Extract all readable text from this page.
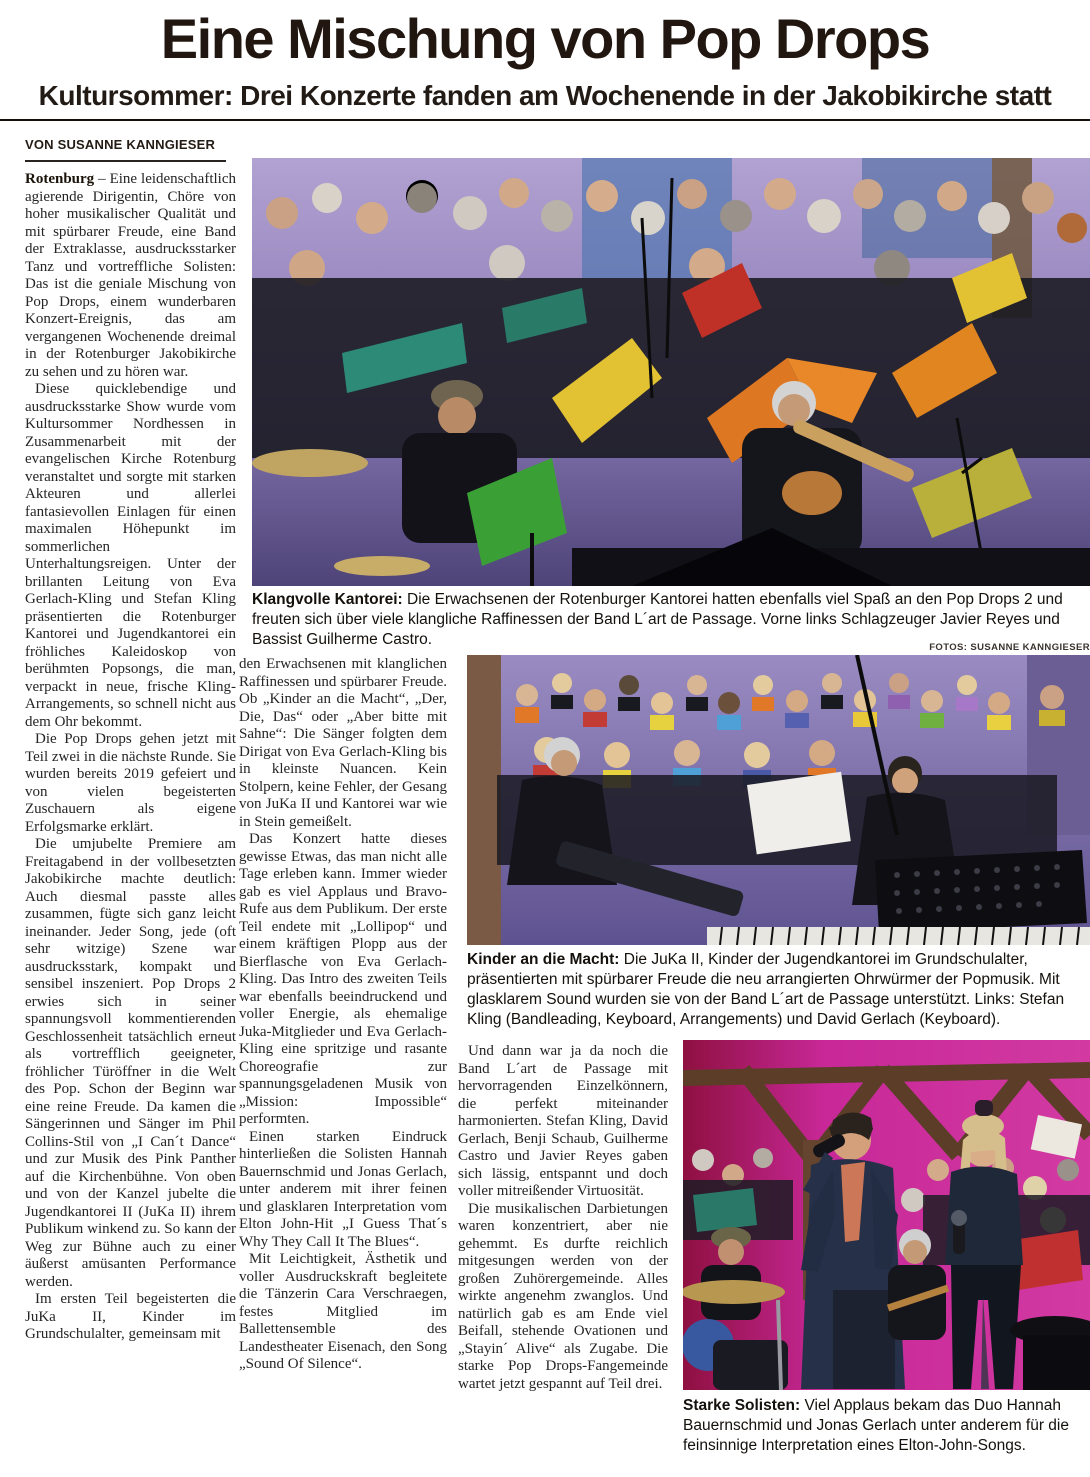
Eine Mischung von Pop Drops
Kultursommer: Drei Konzerte fanden am Wochenende in der Jakobikirche statt
VON SUSANNE KANNGIESER

Rotenburg – Eine leidenschaftlich agierende Dirigentin, Chöre von hoher musikalischer Qualität und mit spürbarer Freude, eine Band der Extraklasse, ausdrucksstarker Tanz und vortreffliche Solisten: Das ist die geniale Mischung von Pop Drops, einem wunderbaren Konzert-Ereignis, das am vergangenen Wochenende dreimal in der Rotenburger Jakobikirche zu sehen und zu hören war.

Diese quicklebendige und ausdrucksstarke Show wurde vom Kultursommer Nordhessen in Zusammenarbeit mit der evangelischen Kirche Rotenburg veranstaltet und sorgte mit starken Akteuren und allerlei fantasievollen Einlagen für einen maximalen Höhepunkt im sommerlichen Unterhaltungsreigen. Unter der brillanten Leitung von Eva Gerlach-Kling und Stefan Kling präsentierten die Rotenburger Kantorei und Jugendkantorei ein fröhliches Kaleidoskop von berühmten Popsongs, die man, verpackt in neue, frische Kling-Arrangements, so schnell nicht aus dem Ohr bekommt.

Die Pop Drops gehen jetzt mit Teil zwei in die nächste Runde. Sie wurden bereits 2019 gefeiert und von vielen begeisterten Zuschauern als eigene Erfolgsmarke erklärt.

Die umjubelte Premiere am Freitagabend in der vollbesetzten Jakobikirche machte deutlich: Auch diesmal passte alles zusammen, fügte sich ganz leicht ineinander. Jeder Song, jede (oft sehr witzige) Szene war ausdrucksstark, kompakt und sensibel inszeniert. Pop Drops 2 erwies sich in seiner spannungsvoll kommentierenden Geschlossenheit tatsächlich erneut als vortrefflich geeigneter, fröhlicher Türöffner in die Welt des Pop. Schon der Beginn war eine reine Freude. Da kamen die Sängerinnen und Sänger im Phil Collins-Stil von „I Can´t Dance“ und zur Musik des Pink Panther auf die Kirchenbühne. Von oben und von der Kanzel jubelte die Jugendkantorei II (JuKa II) ihrem Publikum winkend zu. So kann der Weg zur Bühne auch zu einer äußerst amüsanten Performance werden.

Im ersten Teil begeisterten die JuKa II, Kinder im Grundschulalter, gemeinsam mit

Klangvolle Kantorei: Die Erwachsenen der Rotenburger Kantorei hatten ebenfalls viel Spaß an den Pop Drops 2 und freuten sich über viele klangliche Raffinessen der Band L´art de Passage. Vorne links Schlagzeuger Javier Reyes und Bassist Guilherme Castro.	FOTOS: SUSANNE KANNGIESER

den Erwachsenen mit klanglichen Raffinessen und spürbarer Freude. Ob „Kinder an die Macht“, „Der, Die, Das“ oder „Aber bitte mit Sahne“: Die Sänger folgten dem Dirigat von Eva Gerlach-Kling bis in kleinste Nuancen. Kein Stolpern, keine Fehler, der Gesang von JuKa II und Kantorei war wie in Stein gemeißelt.

Das Konzert hatte dieses gewisse Etwas, das man nicht alle Tage erleben kann. Immer wieder gab es viel Applaus und Bravo-Rufe aus dem Publikum. Der erste Teil endete mit „Lollipop“ und einem kräftigen Plopp aus der Bierflasche von Eva Gerlach-Kling. Das Intro des zweiten Teils war ebenfalls beeindruckend und voller Energie, als ehemalige Juka-Mitglieder und Eva Gerlach-Kling eine spritzige und rasante Choreografie zur spannungsgeladenen Musik von „Mission: Impossible“ performten.

Einen starken Eindruck hinterließen die Solisten Hannah Bauernschmid und Jonas Gerlach, unter anderem mit ihrer feinen und glasklaren Interpretation vom Elton John-Hit „I Guess That´s Why They Call It The Blues“.

Mit Leichtigkeit, Ästhetik und voller Ausdruckskraft begleitete die Tänzerin Cara Verschraegen, festes Mitglied im Ballettensemble des Landestheater Eisenach, den Song „Sound Of Silence“.

Kinder an die Macht: Die JuKa II, Kinder der Jugendkantorei im Grundschulalter, präsentierten mit spürbarer Freude die neu arrangierten Ohrwürmer der Popmusik. Mit glasklarem Sound wurden sie von der Band L´art de Passage unterstützt. Links: Stefan Kling (Bandleading, Keyboard, Arrangements) und David Gerlach (Keyboard).

Und dann war ja da noch die Band L´art de Passage mit hervorragenden Einzelkönnern, die perfekt miteinander harmonierten. Stefan Kling, David Gerlach, Benji Schaub, Guilherme Castro und Javier Reyes gaben sich lässig, entspannt und doch voller mitreißender Virtuosität.

Die musikalischen Darbietungen waren konzentriert, aber nie gehemmt. Es durfte reichlich mitgesungen werden von der großen Zuhörergemeinde. Alles wirkte angenehm zwanglos. Und natürlich gab es am Ende viel Beifall, stehende Ovationen und „Stayin´ Alive“ als Zugabe. Die starke Pop Drops-Fangemeinde wartet jetzt gespannt auf Teil drei.

Starke Solisten: Viel Applaus bekam das Duo Hannah Bauernschmid und Jonas Gerlach unter anderem für die feinsinnige Interpretation eines Elton-John-Songs.
